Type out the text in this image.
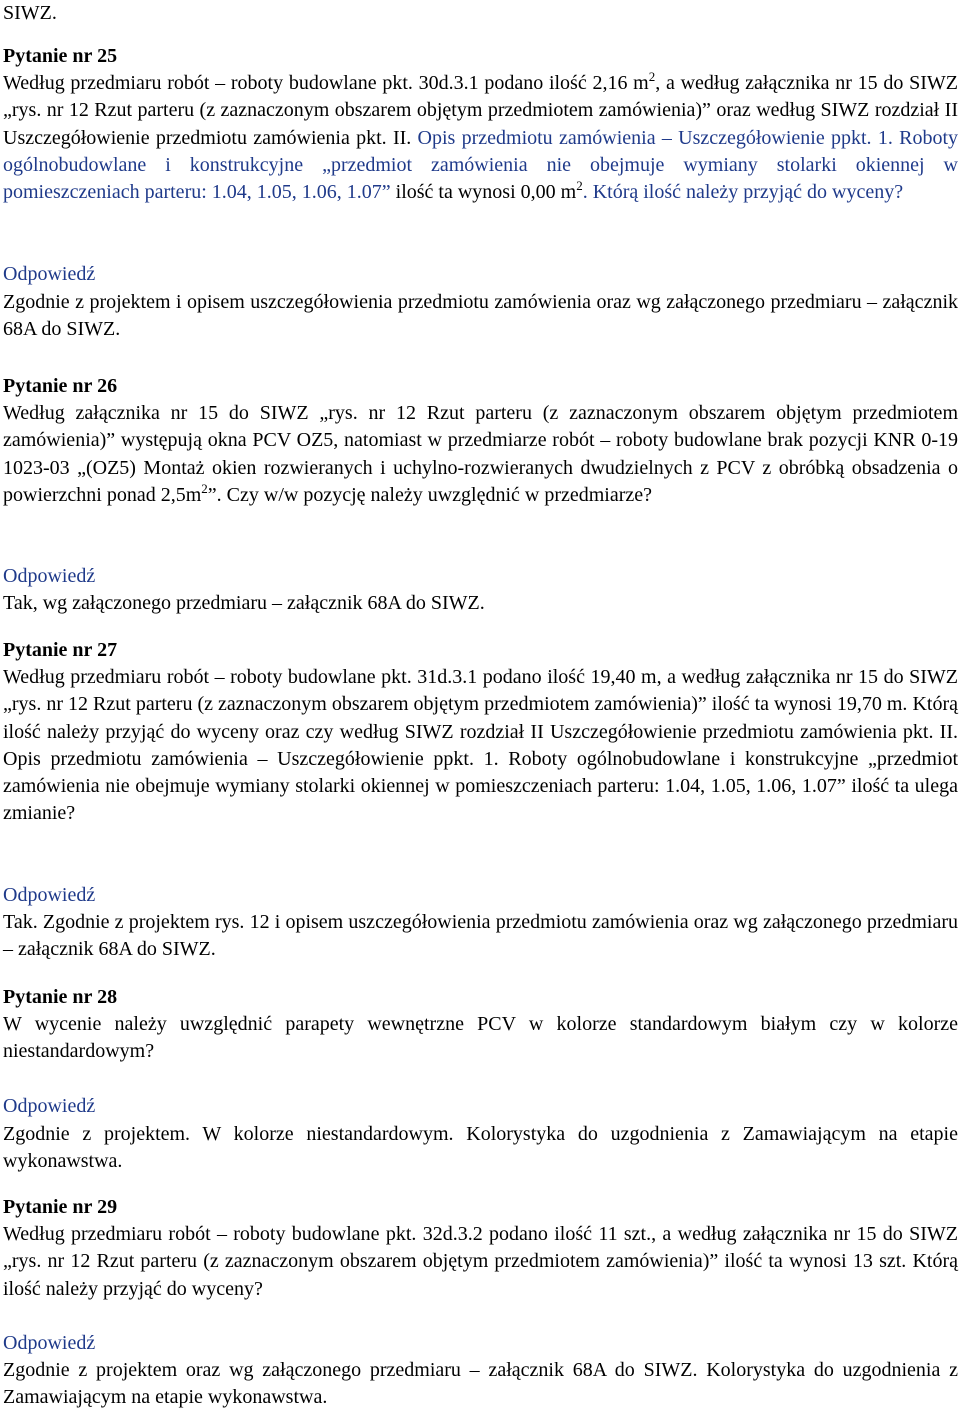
SIWZ.

Pytanie nr 25

Według przedmiaru robót – roboty budowlane pkt. 30d.3.1 podano ilość 2,16 $m^2$, a według załącznika nr 15 do SIWZ „rys. nr 12 Rzut parteru (z zaznaczonym obszarem objętym przedmiotem zamówienia)” oraz według SIWZ rozdział II Uszczegółowienie przedmiotu zamówienia pkt. II. Opis przedmiotu zamówienia – Uszczegółowienie ppkt. 1. Roboty ogólnobudowlane i konstrukcyjne „przedmiot zamówienia nie obejmuje wymiany stolarki okiennej w pomieszczeniach parteru: 1.04, 1.05, 1.06, 1.07” ilość ta wynosi 0,00 $m^2$. Którą ilość należy przyjąć do wyceny?

Odpowiedź

Zgodnie z projektem i opisem uszczegółowienia przedmiotu zamówienia oraz wg załączonego przedmiaru – załącznik 68A do SIWZ.

Pytanie nr 26

Według załącznika nr 15 do SIWZ „rys. nr 12 Rzut parteru (z zaznaczonym obszarem objętym przedmiotem zamówienia)” występują okna PCV OZ5, natomiast w przedmiarze robót – roboty budowlane brak pozycji KNR 0-19 1023-03 „(OZ5) Montaż okien rozwieranych i uchylno-rozwieranych dwudzielnych z PCV z obróbką obsadzenia o powierzchni ponad $2,5m^2$”. Czy w/w pozycję należy uwzględnić w przedmiarze?

Odpowiedź

Tak, wg załączonego przedmiaru – załącznik 68A do SIWZ.

Pytanie nr 27

Według przedmiaru robót – roboty budowlane pkt. 31d.3.1 podano ilość 19,40 m, a według załącznika nr 15 do SIWZ „rys. nr 12 Rzut parteru (z zaznaczonym obszarem objętym przedmiotem zamówienia)” ilość ta wynosi 19,70 m. Którą ilość należy przyjąć do wyceny oraz czy według SIWZ rozdział II Uszczegółowienie przedmiotu zamówienia pkt. II. Opis przedmiotu zamówienia – Uszczegółowienie ppkt. 1. Roboty ogólnobudowlane i konstrukcyjne „przedmiot zamówienia nie obejmuje wymiany stolarki okiennej w pomieszczeniach parteru: 1.04, 1.05, 1.06, 1.07” ilość ta ulega zmianie?

Odpowiedź

Tak. Zgodnie z projektem rys. 12 i opisem uszczegółowienia przedmiotu zamówienia oraz wg załączonego przedmiaru – załącznik 68A do SIWZ.

Pytanie nr 28

W wycenie należy uwzględnić parapety wewnętrzne PCV w kolorze standardowym białym czy w kolorze niestandardowym?

Odpowiedź

Zgodnie z projektem. W kolorze niestandardowym. Kolorystyka do uzgodnienia z Zamawiającym na etapie wykonawstwa.

Pytanie nr 29

Według przedmiaru robót – roboty budowlane pkt. 32d.3.2 podano ilość 11 szt., a według załącznika nr 15 do SIWZ „rys. nr 12 Rzut parteru (z zaznaczonym obszarem objętym przedmiotem zamówienia)” ilość ta wynosi 13 szt. Którą ilość należy przyjąć do wyceny?

Odpowiedź

Zgodnie z projektem oraz wg załączonego przedmiaru – załącznik 68A do SIWZ. Kolorystyka do uzgodnienia z Zamawiającym na etapie wykonawstwa.
